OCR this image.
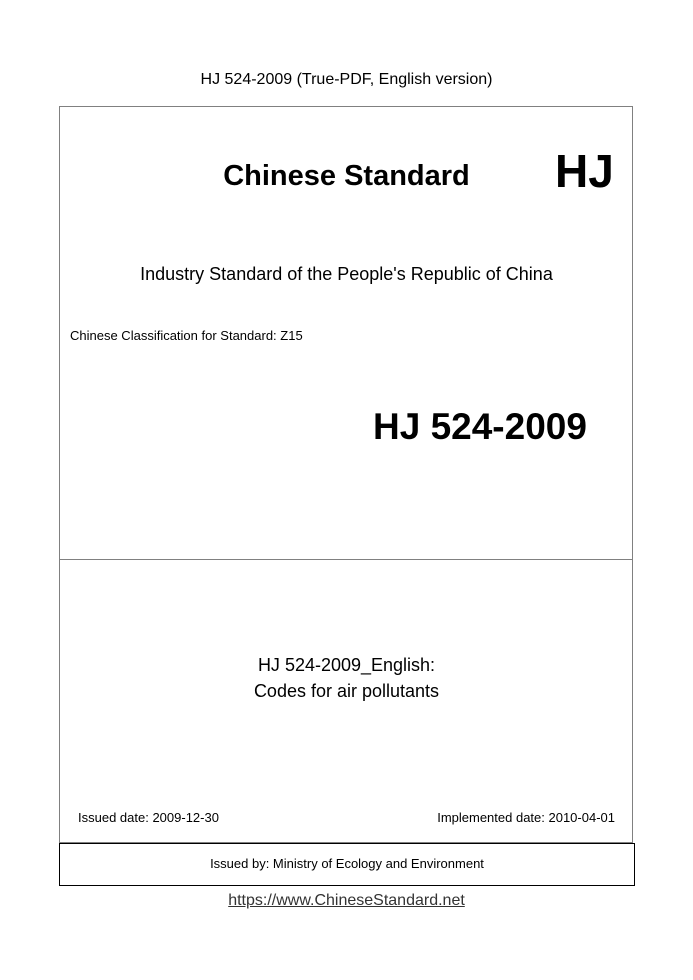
HJ 524-2009 (True-PDF, English version)
Chinese Standard	HJ
Industry Standard of the People's Republic of China
Chinese Classification for Standard: Z15
HJ 524-2009
HJ 524-2009_English:
Codes for air pollutants
Issued date: 2009-12-30	Implemented date: 2010-04-01
Issued by: Ministry of Ecology and Environment
https://www.ChineseStandard.net
